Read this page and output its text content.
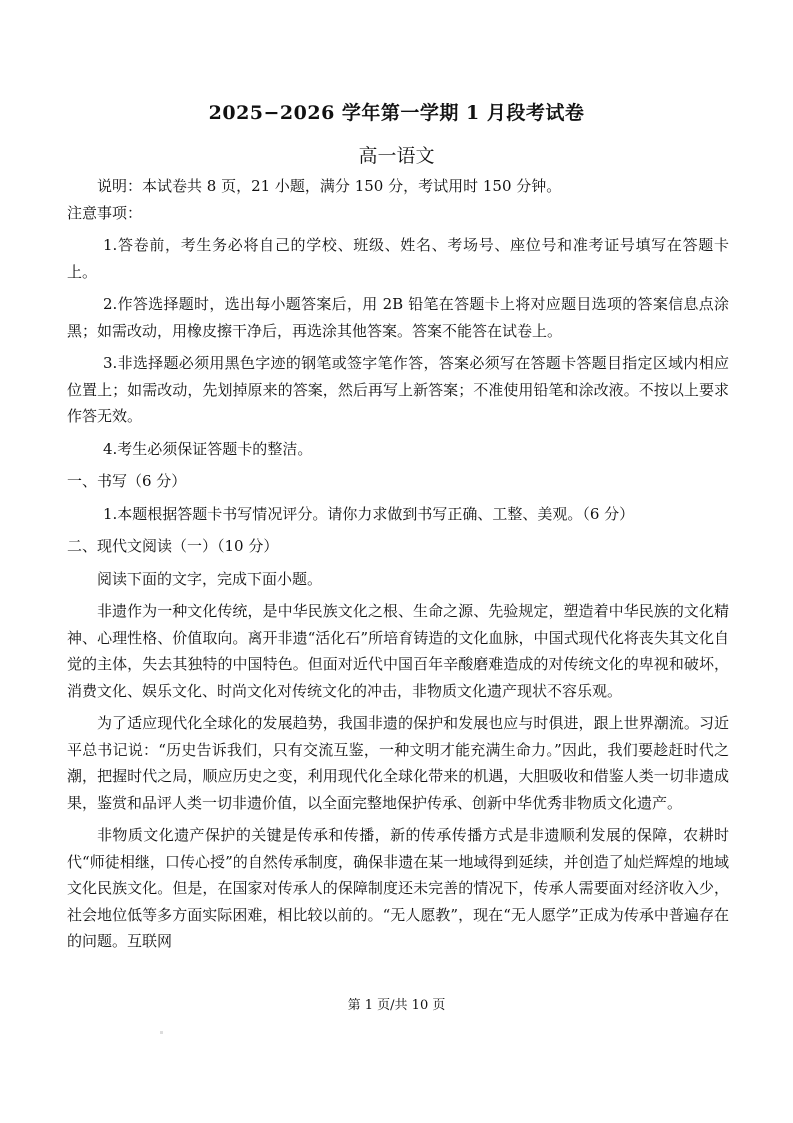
2025−2026 学年第一学期 1 月段考试卷
高一语文

说明：本试卷共 8 页，21 小题，满分 150 分，考试用时 150 分钟。

注意事项：

1.答卷前，考生务必将自己的学校、班级、姓名、考场号、座位号和准考证号填写在答题卡上。

2.作答选择题时，选出每小题答案后，用 2B 铅笔在答题卡上将对应题目选项的答案信息点涂黑；如需改动，用橡皮擦干净后，再选涂其他答案。答案不能答在试卷上。

3.非选择题必须用黑色字迹的钢笔或签字笔作答，答案必须写在答题卡答题目指定区域内相应位置上；如需改动，先划掉原来的答案，然后再写上新答案；不准使用铅笔和涂改液。不按以上要求作答无效。

4.考生必须保证答题卡的整洁。

一、书写（6 分）

1.本题根据答题卡书写情况评分。请你力求做到书写正确、工整、美观。（6 分）

二、现代文阅读（一）（10 分）

阅读下面的文字，完成下面小题。

非遗作为一种文化传统，是中华民族文化之根、生命之源、先验规定，塑造着中华民族的文化精神、心理性格、价值取向。离开非遗“活化石”所培育铸造的文化血脉，中国式现代化将丧失其文化自觉的主体，失去其独特的中国特色。但面对近代中国百年辛酸磨难造成的对传统文化的卑视和破坏，消费文化、娱乐文化、时尚文化对传统文化的冲击，非物质文化遗产现状不容乐观。

为了适应现代化全球化的发展趋势，我国非遗的保护和发展也应与时俱进，跟上世界潮流。习近平总书记说：“历史告诉我们，只有交流互鉴，一种文明才能充满生命力。”因此，我们要趁赶时代之潮，把握时代之局，顺应历史之变，利用现代化全球化带来的机遇，大胆吸收和借鉴人类一切非遗成果，鉴赏和品评人类一切非遗价值，以全面完整地保护传承、创新中华优秀非物质文化遗产。

非物质文化遗产保护的关键是传承和传播，新的传承传播方式是非遗顺利发展的保障，农耕时代“师徒相继，口传心授”的自然传承制度，确保非遗在某一地域得到延续，并创造了灿烂辉煌的地域文化民族文化。但是，在国家对传承人的保障制度还未完善的情况下，传承人需要面对经济收入少，社会地位低等多方面实际困难，相比较以前的。“无人愿教”，现在“无人愿学”正成为传承中普遍存在的问题。互联网

第 1 页/共 10 页
